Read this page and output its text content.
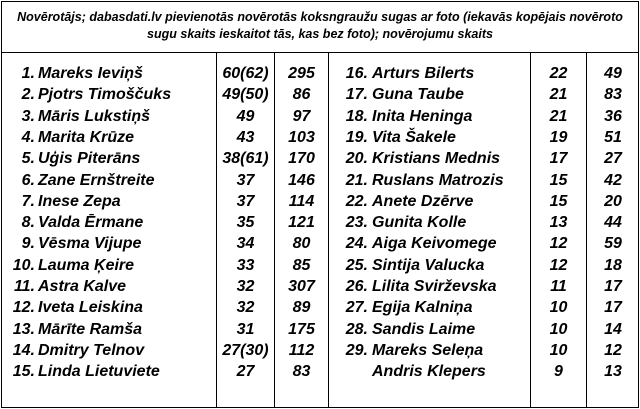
Novērotājs; dabasdati.lv pievienotās novērotās koksngraužu sugas ar foto (iekavās kopējais novēroto
sugu skaits ieskaitot tās, kas bez foto); novērojumu skaits
1. Mareks Ieviņš	60(62)	295
2. Pjotrs Timoščuks	49(50)	86
3. Māris Lukstiņš	49	97
4. Marita Krūze	43	103
5. Uģis Piterāns	38(61)	170
6. Zane Ernštreite	37	146
7. Inese Zepa	37	114
8. Valda Ērmane	35	121
9. Vēsma Vijupe	34	80
10. Lauma Ķeire	33	85
11. Astra Kalve	32	307
12. Iveta Leiskina	32	89
13. Mārīte Ramša	31	175
14. Dmitry Telnov	27(30)	112
15. Linda Lietuviete	27	83
16. Arturs Bilerts	22	49
17. Guna Taube	21	83
18. Inita Heninga	21	36
19. Vita Šakele	19	51
20. Kristians Mednis	17	27
21. Ruslans Matrozis	15	42
22. Anete Dzērve	15	20
23. Gunita Kolle	13	44
24. Aiga Keivomege	12	59
25. Sintija Valucka	12	18
26. Lilita Svirževska	11	17
27. Egija Kalniņa	10	17
28. Sandis Laime	10	14
29. Mareks Seleņa	10	12
Andris Klepers	9	13
